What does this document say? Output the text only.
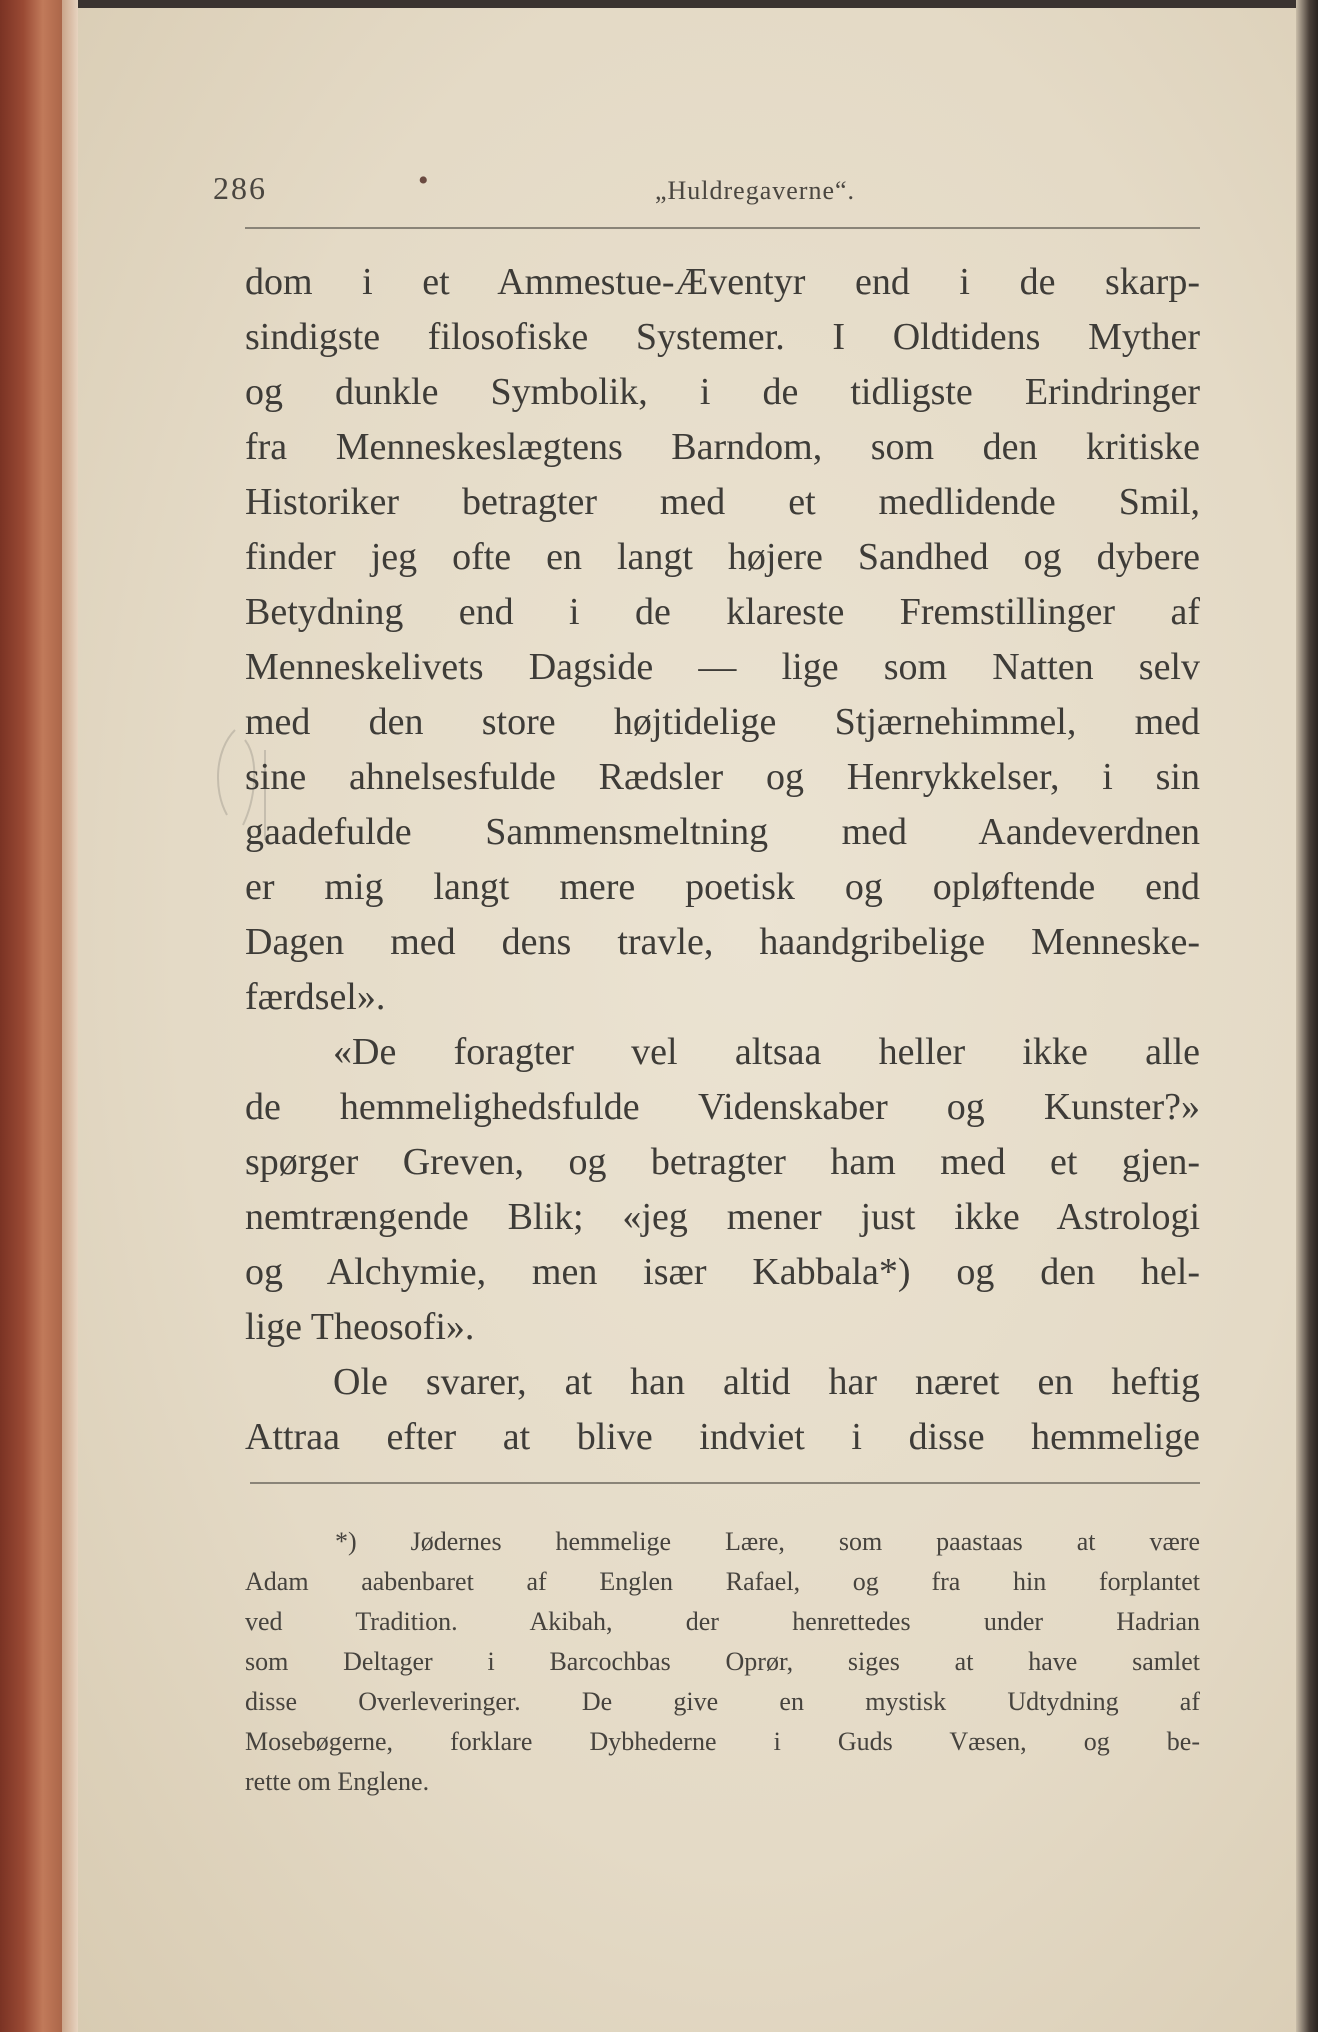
286	•	„Huldregaverne“.
dom i et Ammestue-Æventyr end i de skarp-
sindigste filosofiske Systemer. I Oldtidens Myther
og dunkle Symbolik, i de tidligste Erindringer
fra Menneskeslægtens Barndom, som den kritiske
Historiker betragter med et medlidende Smil,
finder jeg ofte en langt højere Sandhed og dybere
Betydning end i de klareste Fremstillinger af
Menneskelivets Dagside — lige som Natten selv
med den store højtidelige Stjærnehimmel, med
sine ahnelsesfulde Rædsler og Henrykkelser, i sin
gaadefulde Sammensmeltning med Aandeverdnen
er mig langt mere poetisk og opløftende end
Dagen med dens travle, haandgribelige Menneske-
færdsel».
«De foragter vel altsaa heller ikke alle
de hemmelighedsfulde Videnskaber og Kunster?»
spørger Greven, og betragter ham med et gjen-
nemtrængende Blik; «jeg mener just ikke Astrologi
og Alchymie, men især Kabbala*) og den hel-
lige Theosofi».
Ole svarer, at han altid har næret en heftig
Attraa efter at blive indviet i disse hemmelige
*) Jødernes hemmelige Lære, som paastaas at være
Adam aabenbaret af Englen Rafael, og fra hin forplantet
ved Tradition. Akibah, der henrettedes under Hadrian
som Deltager i Barcochbas Oprør, siges at have samlet
disse Overleveringer. De give en mystisk Udtydning af
Mosebøgerne, forklare Dybhederne i Guds Væsen, og be-
rette om Englene.
